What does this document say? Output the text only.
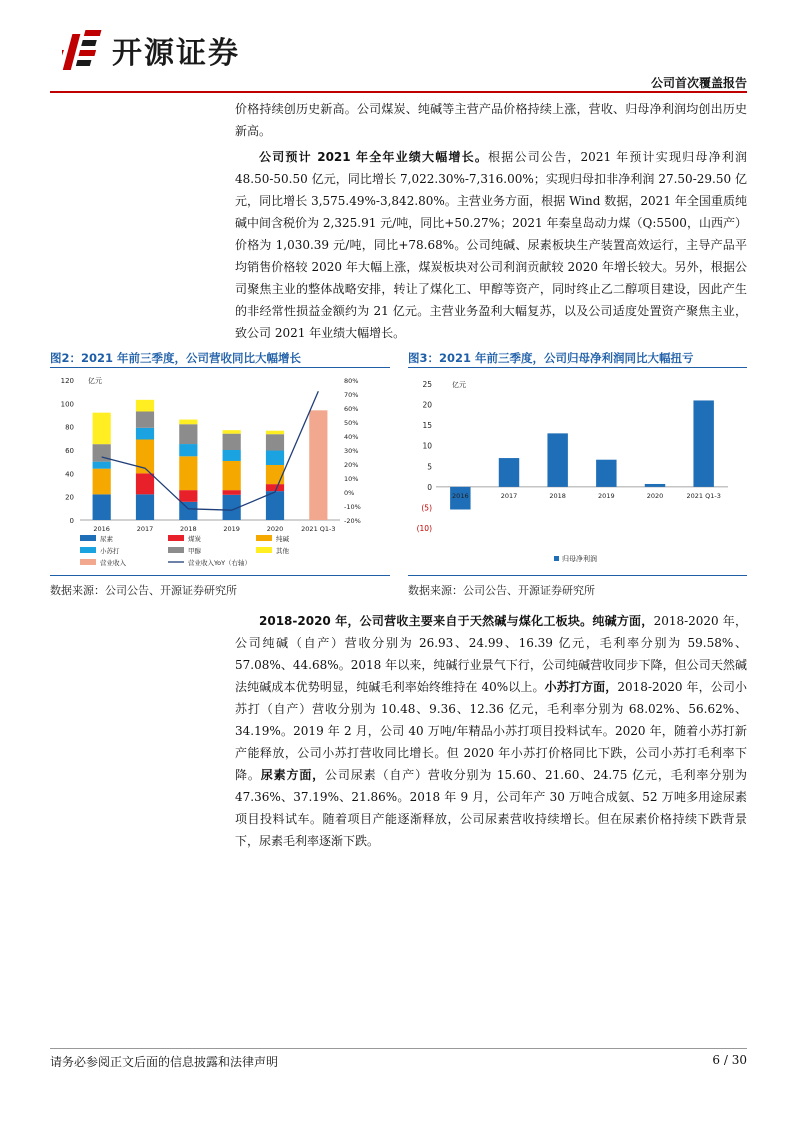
开源证券
公司首次覆盖报告

价格持续创历史新高。公司煤炭、纯碱等主营产品价格持续上涨，营收、归母净利润均创出历史新高。

公司预计 2021 年全年业绩大幅增长。根据公司公告，2021 年预计实现归母净利润 48.50-50.50 亿元，同比增长 7,022.30%-7,316.00%；实现归母扣非净利润 27.50-29.50 亿元，同比增长 3,575.49%-3,842.80%。主营业务方面，根据 Wind 数据，2021 年全国重质纯碱中间含税价为 2,325.91 元/吨，同比+50.27%；2021 年秦皇岛动力煤（Q:5500，山西产）价格为 1,030.39 元/吨，同比+78.68%。公司纯碱、尿素板块生产装置高效运行，主导产品平均销售价格较 2020 年大幅上涨，煤炭板块对公司利润贡献较 2020 年增长较大。另外，根据公司聚焦主业的整体战略安排，转让了煤化工、甲醇等资产，同时终止乙二醇项目建设，因此产生的非经常性损益金额约为 21 亿元。主营业务盈利大幅复苏，以及公司适度处置资产聚焦主业，致公司 2021 年业绩大幅增长。

图2：2021 年前三季度，公司营收同比大幅增长	图3：2021 年前三季度，公司归母净利润同比大幅扭亏
0
20
40
60
80
100
120
-20%
-10%
0%
10%
20%
30%
40%
50%
60%
70%
80%
亿元
2016	2017	2018	2019	2020	2021 Q1-3
尿素	煤炭	纯碱
小苏打	甲醇	其他
营业收入	营业收入YoY（右轴）
(10)
(5)
0
5
10
15
20
25	亿元
2016	2017	2018	2019	2020	2021 Q1-3
归母净利润
数据来源：公司公告、开源证券研究所	数据来源：公司公告、开源证券研究所

2018-2020 年，公司营收主要来自于天然碱与煤化工板块。纯碱方面，2018-2020 年，公司纯碱（自产）营收分别为 26.93、24.99、16.39 亿元，毛利率分别为 59.58%、57.08%、44.68%。2018 年以来，纯碱行业景气下行，公司纯碱营收同步下降，但公司天然碱法纯碱成本优势明显，纯碱毛利率始终维持在 40%以上。小苏打方面，2018-2020 年，公司小苏打（自产）营收分别为 10.48、9.36、12.36 亿元，毛利率分别为 68.02%、56.62%、34.19%。2019 年 2 月，公司 40 万吨/年精品小苏打项目投料试车。2020 年，随着小苏打新产能释放，公司小苏打营收同比增长。但 2020 年小苏打价格同比下跌，公司小苏打毛利率下降。尿素方面，公司尿素（自产）营收分别为 15.60、21.60、24.75 亿元，毛利率分别为 47.36%、37.19%、21.86%。2018 年 9 月，公司年产 30 万吨合成氨、52 万吨多用途尿素项目投料试车。随着项目产能逐渐释放，公司尿素营收持续增长。但在尿素价格持续下跌背景下，尿素毛利率逐渐下跌。

请务必参阅正文后面的信息披露和法律声明	6 / 30
